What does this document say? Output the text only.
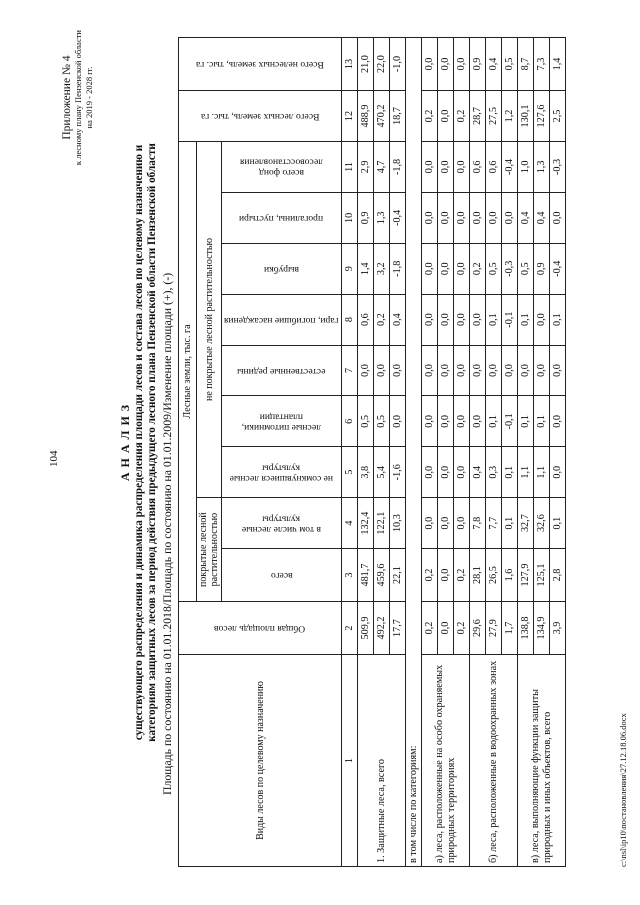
104
Приложение № 4 к лесному плану Пензенской области на 2019 - 2028 гг.
А Н А Л И З существующего распределения и динамика распределения площади лесов и состава лесов по целевому назначению и категориям защитных лесов за период действия предыдущего лесного плана Пензенской области Пензенской области Площадь по состоянию на 01.01.2018/Площадь по состоянию на 01.01.2009/Изменение площади (+), (-)	Виды лесов по целевому назначению	Общая площадь лесов	Лесные земли, тыс. га									Всего лесных земель, тыс. га	Всего нелесных земель, тыс. га

		покрытые лесной растительностью		не покрытые лесной растительностью								

		всего	в том числе лесные культуры	не сомкнувшиеся лесные культуры	лесные питомники, плантации	естественные редины	гари, погибшие насаждения	вырубки	прогалины, пустыри	всего фонд лесовосстановления		

1	2	3	4	5	6	7	8	9	10	11	12	13
1. Защитные леса, всего	509,9	481,7	132,4	3,8	0,5	0,0	0,6	1,4	0,9	2,9	488,9	21,0
	492,2	459,6	122,1	5,4	0,5	0,0	0,2	3,2	1,3	4,7	470,2	22,0
	17,7	22,1	10,3	-1,6	0,0	0,0	0,4	-1,8	-0,4	-1,8	18,7	-1,0
в том числе по категориям:												
а) леса, расположенные на особо охраняемых природных территориях	0,2	0,2	0,0	0,0	0,0	0,0	0,0	0,0	0,0	0,0	0,2	0,0
	0,0	0,0	0,0	0,0	0,0	0,0	0,0	0,0	0,0	0,0	0,0	0,0
	0,2	0,2	0,0	0,0	0,0	0,0	0,0	0,0	0,0	0,0	0,2	0,0
б) леса, расположенные в водоохранных зонах	29,6	28,1	7,8	0,4	0,0	0,0	0,0	0,2	0,0	0,6	28,7	0,9
	27,9	26,5	7,7	0,3	0,1	0,0	0,1	0,5	0,0	0,6	27,5	0,4
	1,7	1,6	0,1	0,1	-0,1	0,0	-0,1	-0,3	0,0	-0,4	1,2	0,5
в) леса, выполняющие функции защиты природных и иных объектов, всего	138,8	127,9	32,7	1,1	0,1	0,0	0,1	0,5	0,4	1,0	130,1	8,7
	134,9	125,1	32,6	1,1	0,1	0,0	0,0	0,9	0,4	1,3	127,6	7,3
	3,9	2,8	0,1	0,0	0,0	0,0	0,1	-0,4	0,0	-0,3	2,5	1,4
c:\nsl\ip10\постановления\27.12.18.06.docx
